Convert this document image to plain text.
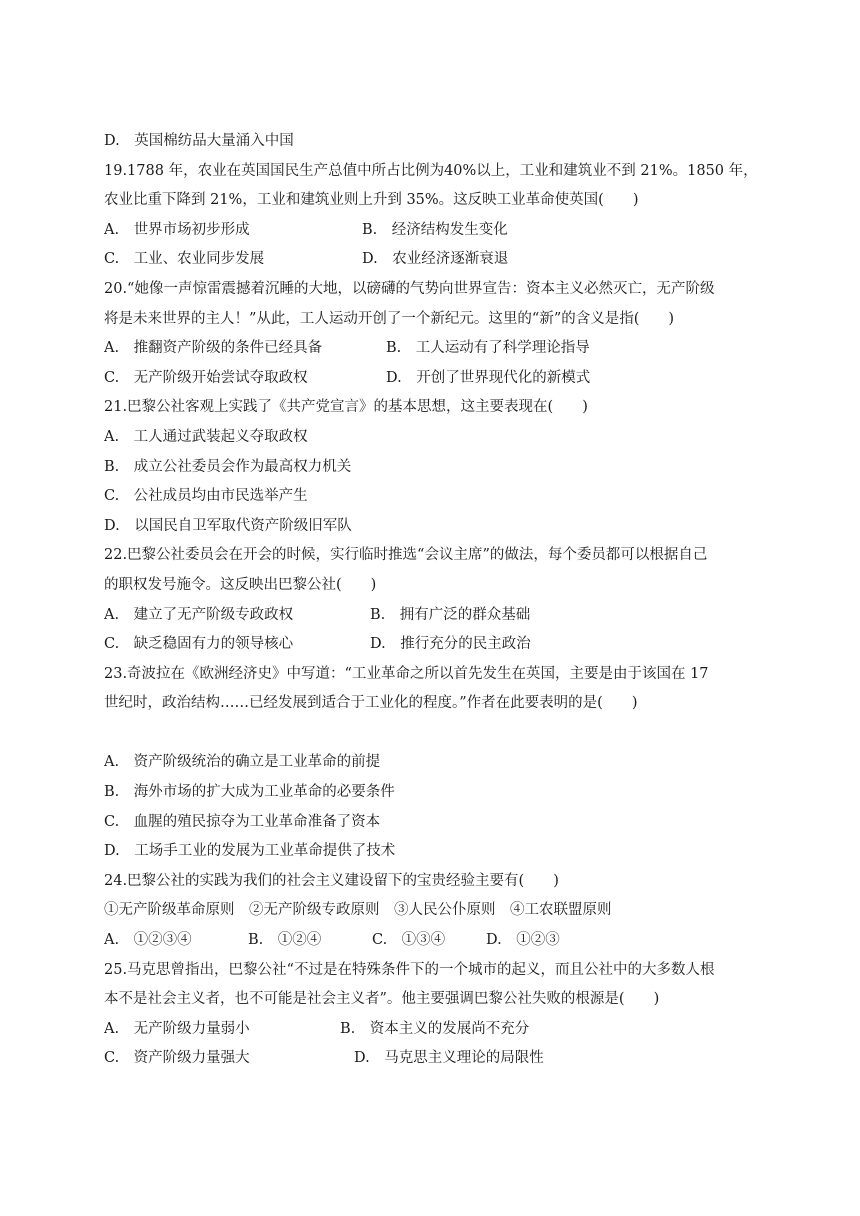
D.　英国棉纺品大量涌入中国
19.1788 年，农业在英国国民生产总值中所占比例为40%以上，工业和建筑业不到 21%。1850 年，
农业比重下降到 21%，工业和建筑业则上升到 35%。这反映工业革命使英国(　　)
A.　世界市场初步形成	B.　经济结构发生变化
C.　工业、农业同步发展	D.　农业经济逐渐衰退
20.“她像一声惊雷震撼着沉睡的大地，以磅礴的气势向世界宣告：资本主义必然灭亡，无产阶级
将是未来世界的主人！”从此，工人运动开创了一个新纪元。这里的“新”的含义是指(　　)
A.　推翻资产阶级的条件已经具备	B.　工人运动有了科学理论指导
C.　无产阶级开始尝试夺取政权	D.　开创了世界现代化的新模式
21.巴黎公社客观上实践了《共产党宣言》的基本思想，这主要表现在(　　)
A.　工人通过武装起义夺取政权
B.　成立公社委员会作为最高权力机关
C.　公社成员均由市民选举产生
D.　以国民自卫军取代资产阶级旧军队
22.巴黎公社委员会在开会的时候，实行临时推选“会议主席”的做法，每个委员都可以根据自己
的职权发号施令。这反映出巴黎公社(　　)
A.　建立了无产阶级专政政权	B.　拥有广泛的群众基础
C.　缺乏稳固有力的领导核心	D.　推行充分的民主政治
23.奇波拉在《欧洲经济史》中写道：“工业革命之所以首先发生在英国，主要是由于该国在 17
世纪时，政治结构……已经发展到适合于工业化的程度。”作者在此要表明的是(　　)
A.　资产阶级统治的确立是工业革命的前提
B.　海外市场的扩大成为工业革命的必要条件
C.　血腥的殖民掠夺为工业革命准备了资本
D.　工场手工业的发展为工业革命提供了技术
24.巴黎公社的实践为我们的社会主义建设留下的宝贵经验主要有(　　)
①无产阶级革命原则　②无产阶级专政原则　③人民公仆原则　④工农联盟原则
A.　①②③④	B.　①②④	C.　①③④	D.　①②③
25.马克思曾指出，巴黎公社“不过是在特殊条件下的一个城市的起义，而且公社中的大多数人根
本不是社会主义者，也不可能是社会主义者”。他主要强调巴黎公社失败的根源是(　　)
A.　无产阶级力量弱小	B.　资本主义的发展尚不充分
C.　资产阶级力量强大	D.　马克思主义理论的局限性
